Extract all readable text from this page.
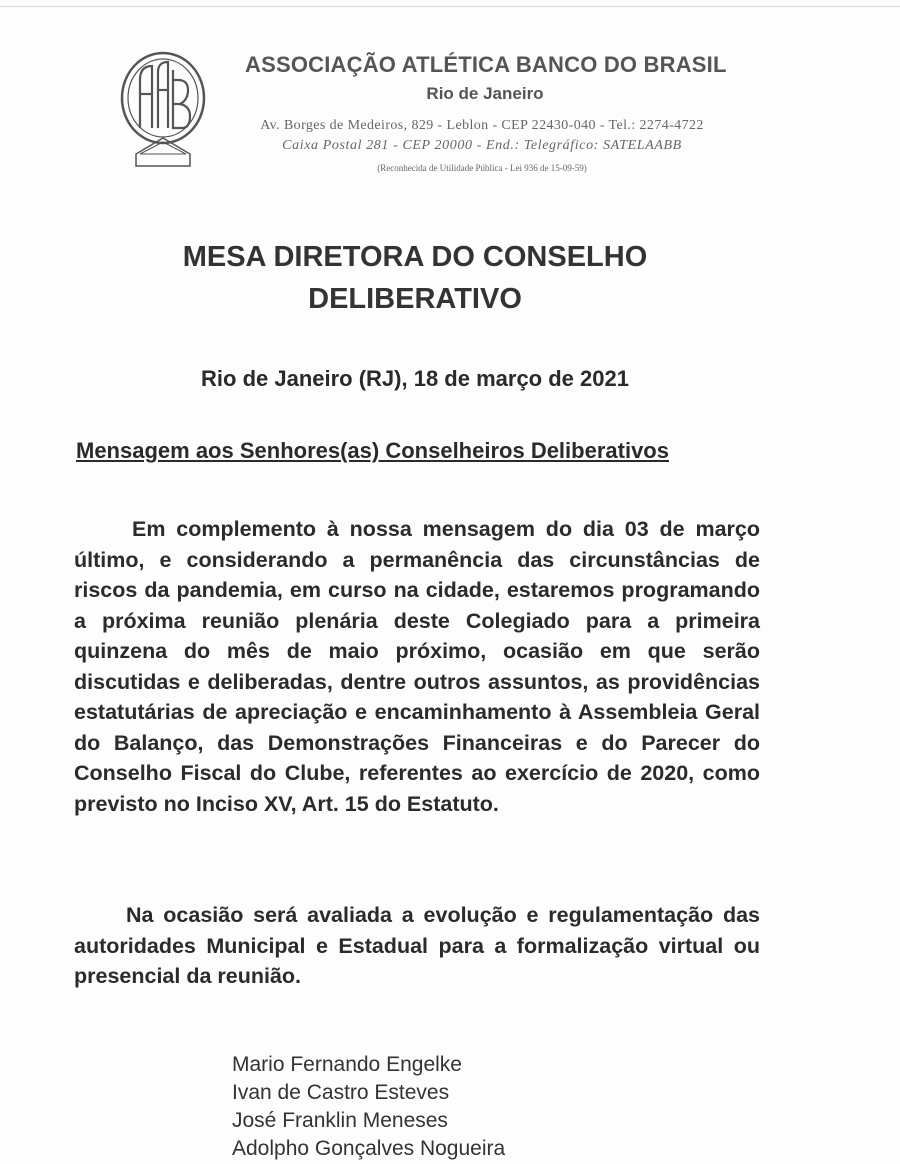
ASSOCIAÇÃO ATLÉTICA BANCO DO BRASIL
Rio de Janeiro
Av. Borges de Medeiros, 829 - Leblon - CEP 22430-040 - Tel.: 2274-4722
Caixa Postal 281 - CEP 20000 - End.: Telegráfico: SATELAABB
(Reconhecida de Utilidade Pública - Lei 936 de 15-09-59)
MESA DIRETORA DO CONSELHO DELIBERATIVO
Rio de Janeiro (RJ), 18 de março de 2021
Mensagem aos Senhores(as) Conselheiros Deliberativos

Em complemento à nossa mensagem do dia 03 de março último, e considerando a permanência das circunstâncias de riscos da pandemia, em curso na cidade, estaremos programando a próxima reunião plenária deste Colegiado para a primeira quinzena do mês de maio próximo, ocasião em que serão discutidas e deliberadas, dentre outros assuntos, as providências estatutárias de apreciação e encaminhamento à Assembleia Geral do Balanço, das Demonstrações Financeiras e do Parecer do Conselho Fiscal do Clube, referentes ao exercício de 2020, como previsto no Inciso XV, Art. 15 do Estatuto.

Na ocasião será avaliada a evolução e regulamentação das autoridades Municipal e Estadual para a formalização virtual ou presencial da reunião.

Mario Fernando Engelke
Ivan de Castro Esteves
José Franklin Meneses
Adolpho Gonçalves Nogueira
